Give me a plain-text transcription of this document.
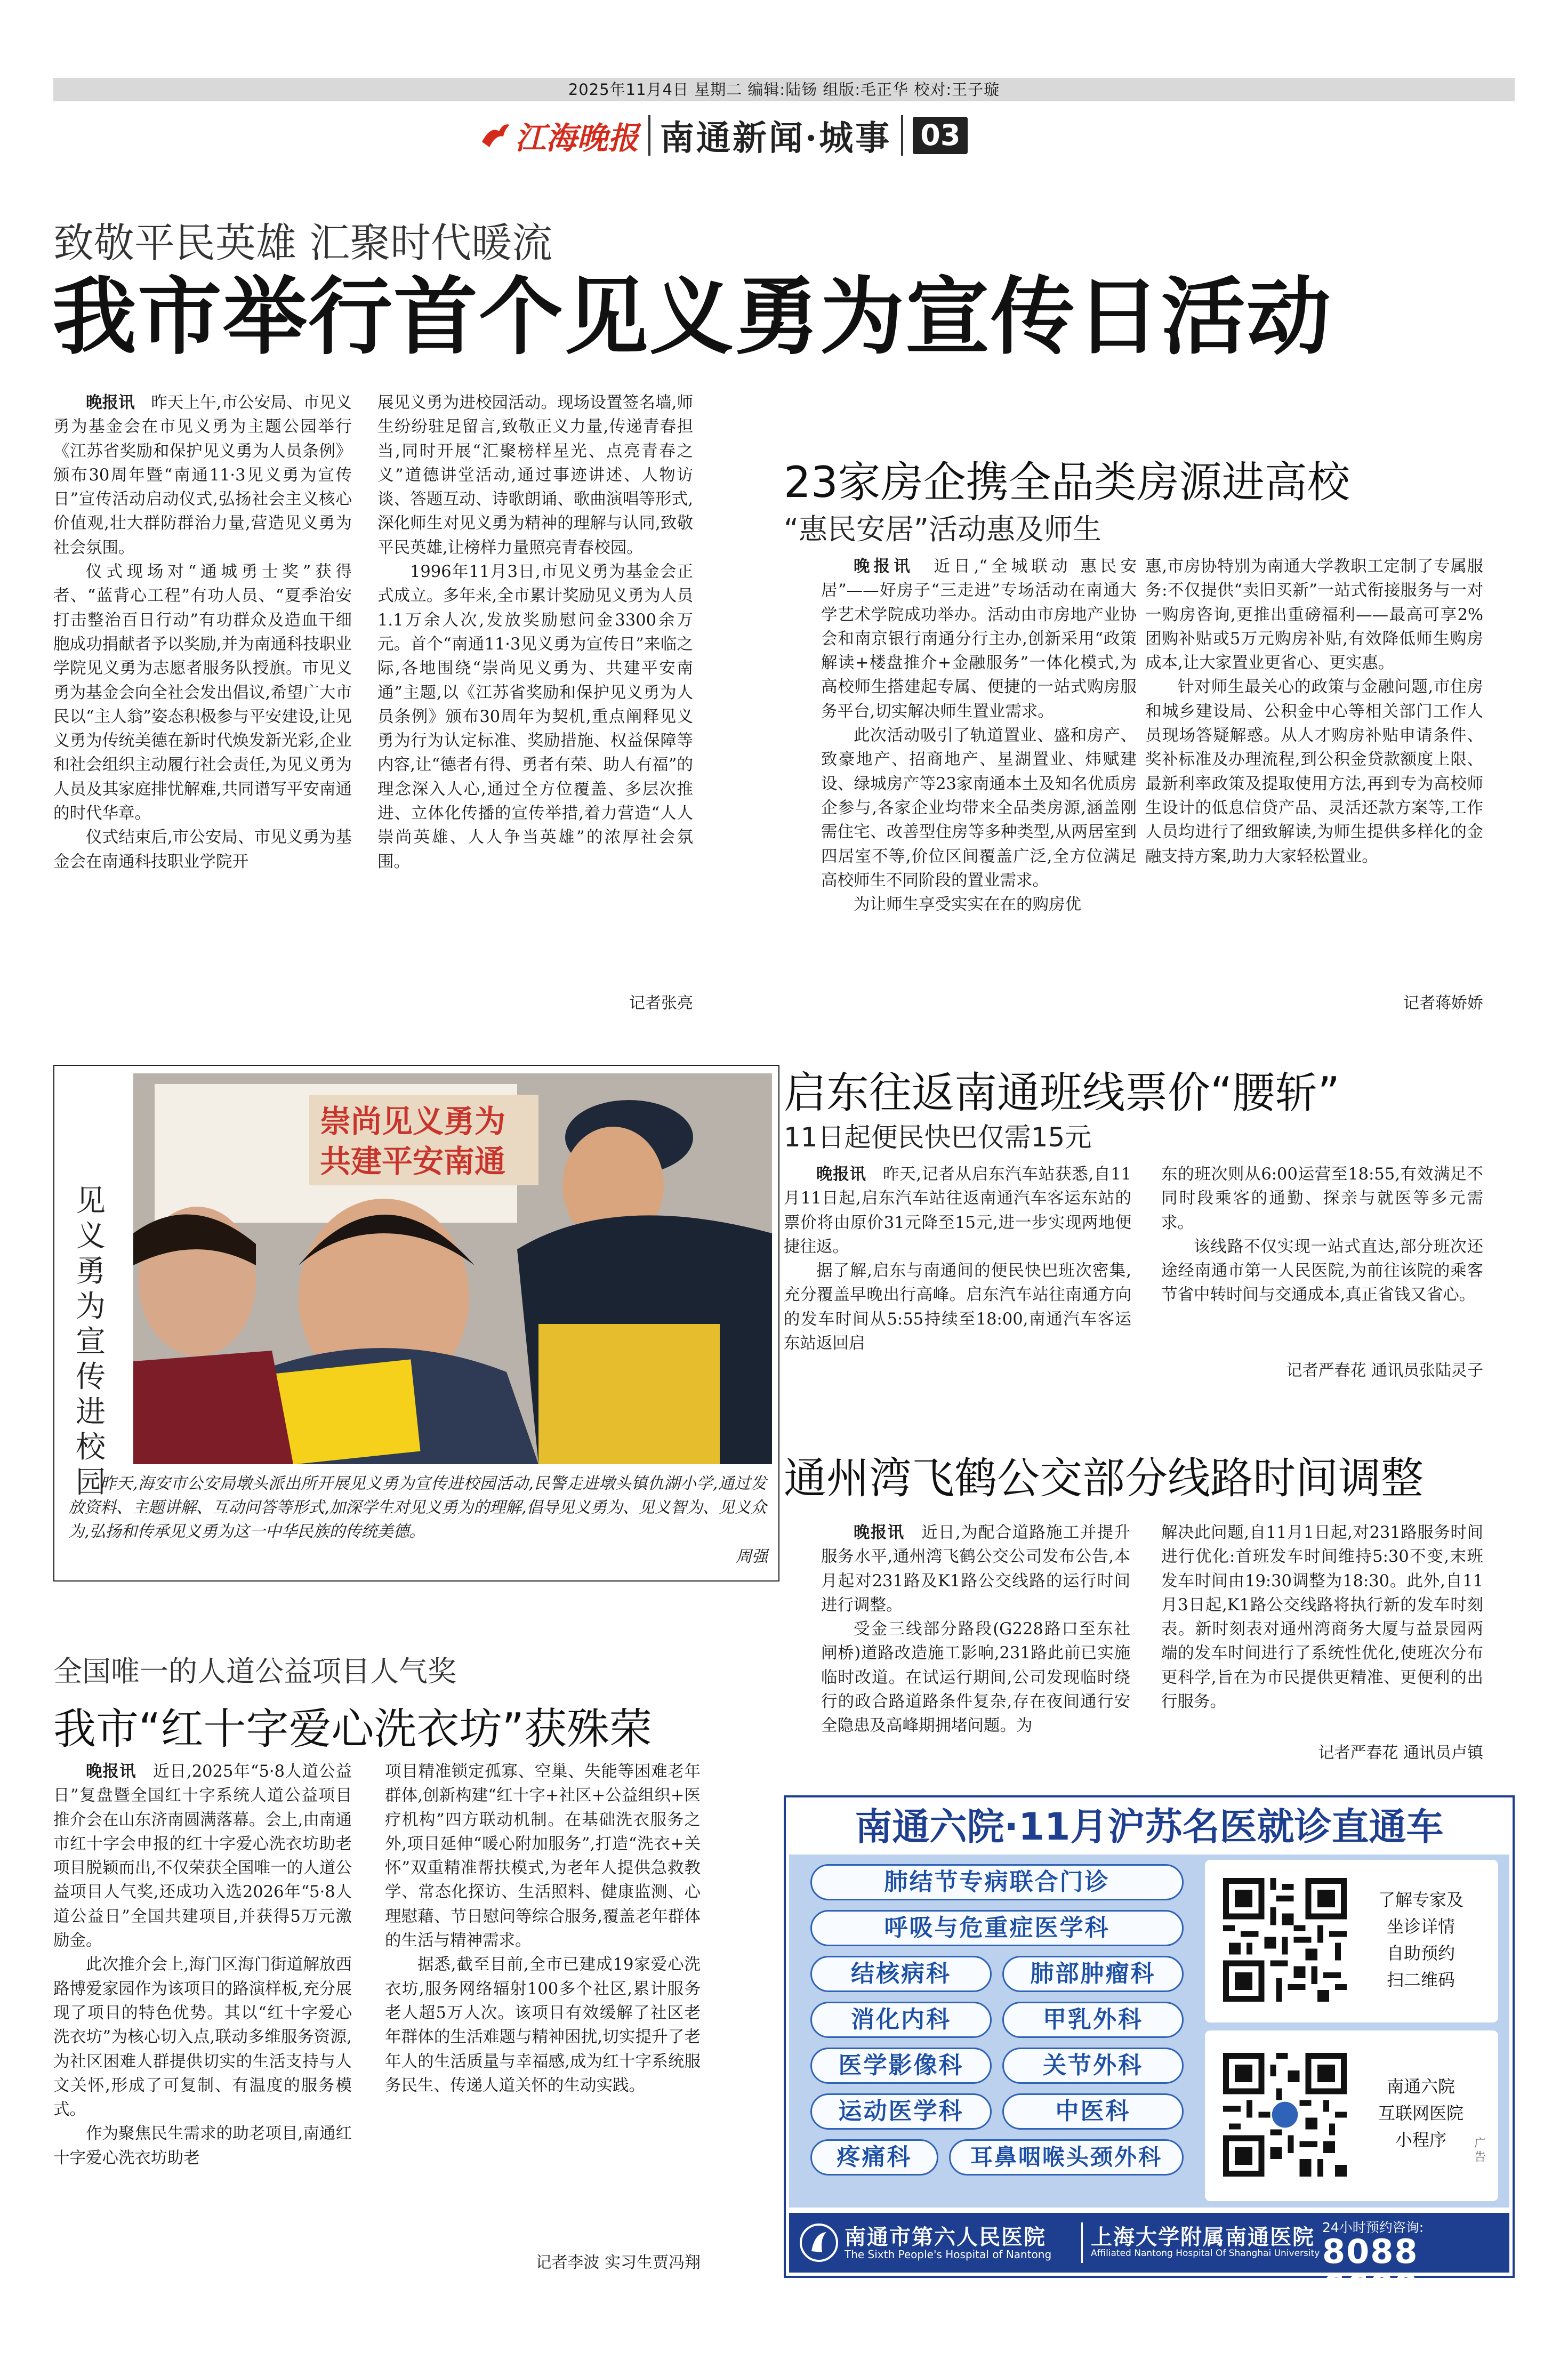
2025年11月4日 星期二 编辑:陆钖 组版:毛正华 校对:王子璇
江海晚报 南通新闻·城事 03
致敬平民英雄 汇聚时代暖流
我市举行首个见义勇为宣传日活动

晚报讯　 昨天上午,市公安局、市见义勇为基金会在市见义勇为主题公园举行《江苏省奖励和保护见义勇为人员条例》颁布30周年暨“南通11·3见义勇为宣传日”宣传活动启动仪式,弘扬社会主义核心价值观,壮大群防群治力量,营造见义勇为社会氛围。

仪式现场对“通城勇士奖”获得者、“蓝背心工程”有功人员、“夏季治安打击整治百日行动”有功群众及造血干细胞成功捐献者予以奖励,并为南通科技职业学院见义勇为志愿者服务队授旗。市见义勇为基金会向全社会发出倡议,希望广大市民以“主人翁”姿态积极参与平安建设,让见义勇为传统美德在新时代焕发新光彩,企业和社会组织主动履行社会责任,为见义勇为人员及其家庭排忧解难,共同谱写平安南通的时代华章。

仪式结束后,市公安局、市见义勇为基金会在南通科技职业学院开

展见义勇为进校园活动。现场设置签名墙,师生纷纷驻足留言,致敬正义力量,传递青春担当,同时开展“汇聚榜样星光、点亮青春之义”道德讲堂活动,通过事迹讲述、人物访谈、答题互动、诗歌朗诵、歌曲演唱等形式,深化师生对见义勇为精神的理解与认同,致敬平民英雄,让榜样力量照亮青春校园。

1996年11月3日,市见义勇为基金会正式成立。多年来,全市累计奖励见义勇为人员1.1万余人次,发放奖励慰问金3300余万元。首个“南通11·3见义勇为宣传日”来临之际,各地围绕“崇尚见义勇为、共建平安南通”主题,以《江苏省奖励和保护见义勇为人员条例》颁布30周年为契机,重点阐释见义勇为行为认定标准、奖励措施、权益保障等内容,让“德者有得、勇者有荣、助人有福”的理念深入人心,通过全方位覆盖、多层次推进、立体化传播的宣传举措,着力营造“人人崇尚英雄、人人争当英雄”的浓厚社会氛围。

记者张亮
23家房企携全品类房源进高校
“惠民安居”活动惠及师生

晚报讯　 近日,“全城联动 惠民安居”——好房子“三走进”专场活动在南通大学艺术学院成功举办。活动由市房地产业协会和南京银行南通分行主办,创新采用“政策解读+楼盘推介+金融服务”一体化模式,为高校师生搭建起专属、便捷的一站式购房服务平台,切实解决师生置业需求。

此次活动吸引了轨道置业、盛和房产、致豪地产、招商地产、星湖置业、炜赋建设、绿城房产等23家南通本土及知名优质房企参与,各家企业均带来全品类房源,涵盖刚需住宅、改善型住房等多种类型,从两居室到四居室不等,价位区间覆盖广泛,全方位满足高校师生不同阶段的置业需求。

为让师生享受实实在在的购房优

惠,市房协特别为南通大学教职工定制了专属服务:不仅提供“卖旧买新”一站式衔接服务与一对一购房咨询,更推出重磅福利——最高可享2%团购补贴或5万元购房补贴,有效降低师生购房成本,让大家置业更省心、更实惠。

针对师生最关心的政策与金融问题,市住房和城乡建设局、公积金中心等相关部门工作人员现场答疑解惑。从人才购房补贴申请条件、奖补标准及办理流程,到公积金贷款额度上限、最新利率政策及提取使用方法,再到专为高校师生设计的低息信贷产品、灵活还款方案等,工作人员均进行了细致解读,为师生提供多样化的金融支持方案,助力大家轻松置业。

记者蒋娇娇
见义勇为宣传进校园
崇尚见义勇为
共建平安南通
昨天,海安市公安局墩头派出所开展见义勇为宣传进校园活动,民警走进墩头镇仇湖小学,通过发放资料、主题讲解、互动问答等形式,加深学生对见义勇为的理解,倡导见义勇为、见义智为、见义众为,弘扬和传承见义勇为这一中华民族的传统美德。
周强
启东往返南通班线票价“腰斩”
11日起便民快巴仅需15元

晚报讯　 昨天,记者从启东汽车站获悉,自11月11日起,启东汽车站往返南通汽车客运东站的票价将由原价31元降至15元,进一步实现两地便捷往返。

据了解,启东与南通间的便民快巴班次密集,充分覆盖早晚出行高峰。启东汽车站往南通方向的发车时间从5:55持续至18:00,南通汽车客运东站返回启

东的班次则从6:00运营至18:55,有效满足不同时段乘客的通勤、探亲与就医等多元需求。

该线路不仅实现一站式直达,部分班次还途经南通市第一人民医院,为前往该院的乘客节省中转时间与交通成本,真正省钱又省心。

记者严春花 通讯员张陆灵子
通州湾飞鹤公交部分线路时间调整

晚报讯　 近日,为配合道路施工并提升服务水平,通州湾飞鹤公交公司发布公告,本月起对231路及K1路公交线路的运行时间进行调整。

受金三线部分路段(G228路口至东社闸桥)道路改造施工影响,231路此前已实施临时改道。在试运行期间,公司发现临时绕行的政合路道路条件复杂,存在夜间通行安全隐患及高峰期拥堵问题。为

解决此问题,自11月1日起,对231路服务时间进行优化:首班发车时间维持5:30不变,末班发车时间由19:30调整为18:30。此外,自11月3日起,K1路公交线路将执行新的发车时刻表。新时刻表对通州湾商务大厦与益景园两端的发车时间进行了系统性优化,使班次分布更科学,旨在为市民提供更精准、更便利的出行服务。

记者严春花 通讯员卢镇
全国唯一的人道公益项目人气奖
我市“红十字爱心洗衣坊”获殊荣

晚报讯　 近日,2025年“5·8人道公益日”复盘暨全国红十字系统人道公益项目推介会在山东济南圆满落幕。会上,由南通市红十字会申报的红十字爱心洗衣坊助老项目脱颖而出,不仅荣获全国唯一的人道公益项目人气奖,还成功入选2026年“5·8人道公益日”全国共建项目,并获得5万元激励金。

此次推介会上,海门区海门街道解放西路博爱家园作为该项目的路演样板,充分展现了项目的特色优势。其以“红十字爱心洗衣坊”为核心切入点,联动多维服务资源,为社区困难人群提供切实的生活支持与人文关怀,形成了可复制、有温度的服务模式。

作为聚焦民生需求的助老项目,南通红十字爱心洗衣坊助老

项目精准锁定孤寡、空巢、失能等困难老年群体,创新构建“红十字+社区+公益组织+医疗机构”四方联动机制。在基础洗衣服务之外,项目延伸“暖心附加服务”,打造“洗衣+关怀”双重精准帮扶模式,为老年人提供急救教学、常态化探访、生活照料、健康监测、心理慰藉、节日慰问等综合服务,覆盖老年群体的生活与精神需求。

据悉,截至目前,全市已建成19家爱心洗衣坊,服务网络辐射100多个社区,累计服务老人超5万人次。该项目有效缓解了社区老年群体的生活难题与精神困扰,切实提升了老年人的生活质量与幸福感,成为红十字系统服务民生、传递人道关怀的生动实践。

记者李波 实习生贾冯翔
南通六院·11月沪苏名医就诊直通车
肺结节专病联合门诊
呼吸与危重症医学科
结核病科	肺部肿瘤科
消化内科	甲乳外科
医学影像科	关节外科
运动医学科	中医科
疼痛科	耳鼻咽喉头颈外科
了解专家及
坐诊详情
自助预约
扫二维码
南通六院
互联网医院
小程序	广告
南通市第六人民医院
The Sixth People's Hospital of Nantong
上海大学附属南通医院
Affiliated Nantong Hospital Of Shanghai University
24小时预约咨询:
8088 6688
